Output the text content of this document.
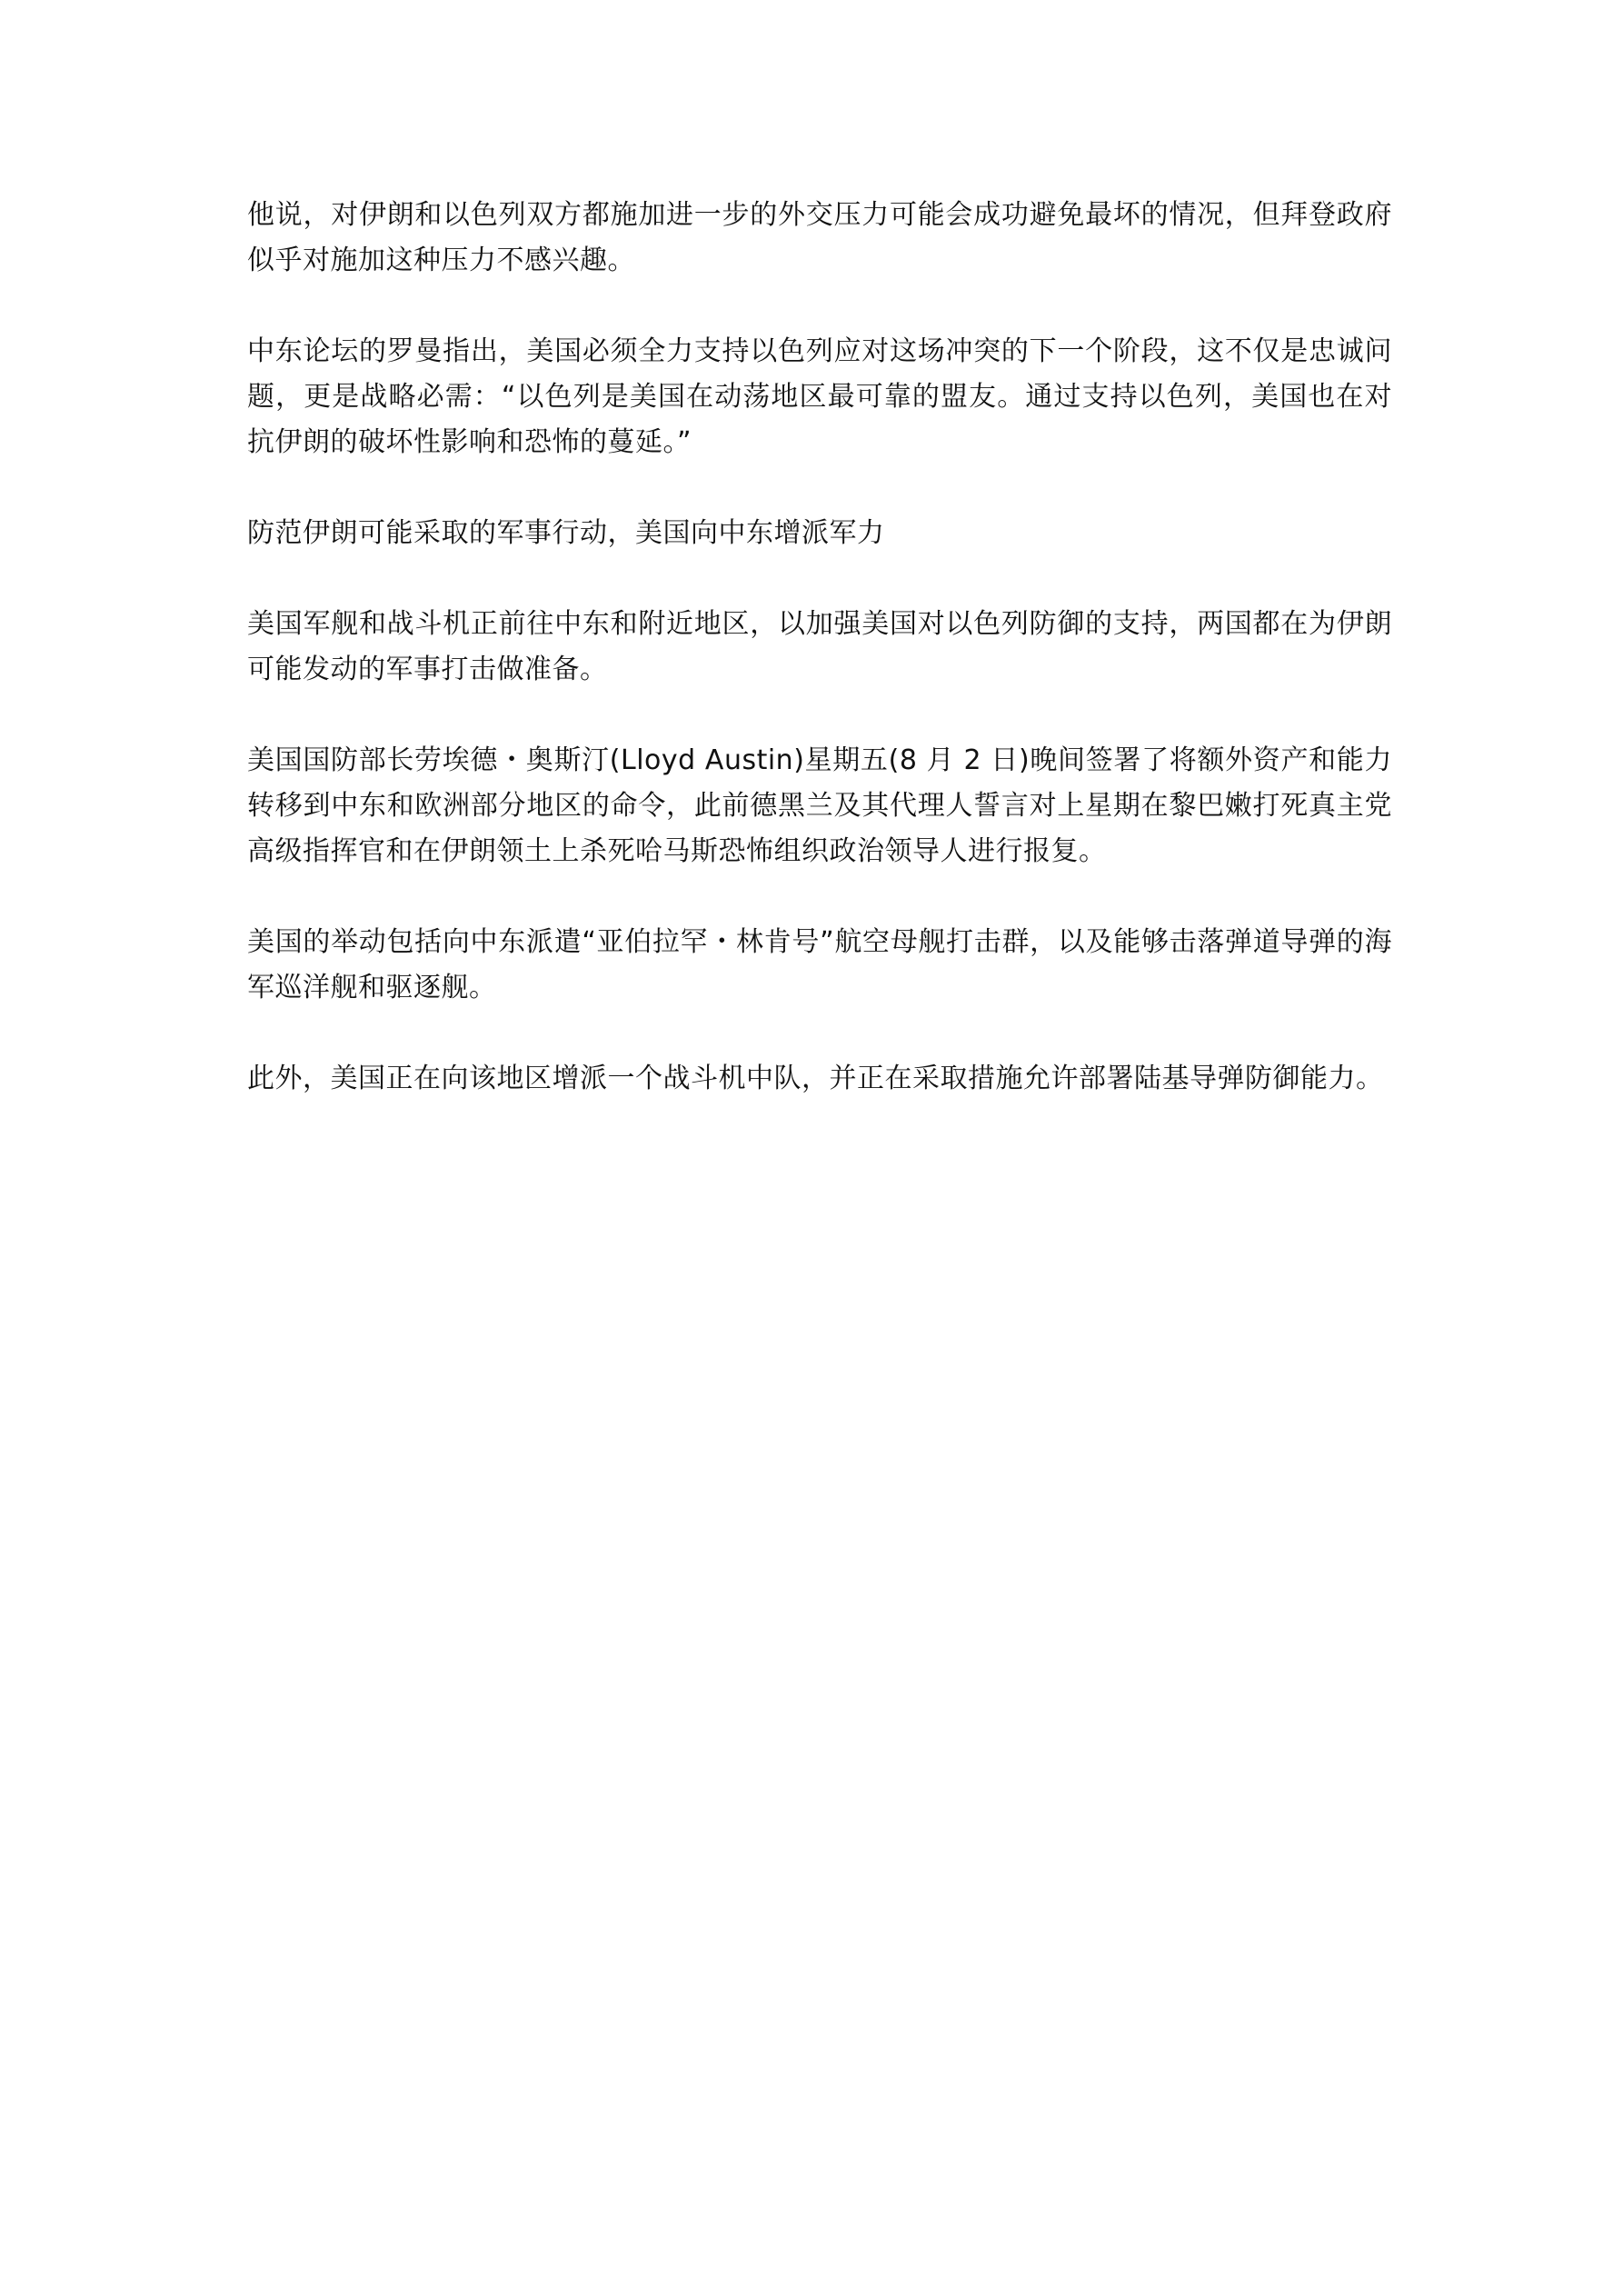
他说，对伊朗和以色列双方都施加进一步的外交压力可能会成功避免最坏的情况，但拜登政府似乎对施加这种压力不感兴趣。

中东论坛的罗曼指出，美国必须全力支持以色列应对这场冲突的下一个阶段，这不仅是忠诚问题，更是战略必需：“以色列是美国在动荡地区最可靠的盟友。通过支持以色列，美国也在对抗伊朗的破坏性影响和恐怖的蔓延。”

防范伊朗可能采取的军事行动，美国向中东增派军力

美国军舰和战斗机正前往中东和附近地区，以加强美国对以色列防御的支持，两国都在为伊朗可能发动的军事打击做准备。

美国国防部长劳埃德・奥斯汀(Lloyd Austin)星期五(8 月 2 日)晚间签署了将额外资产和能力转移到中东和欧洲部分地区的命令，此前德黑兰及其代理人誓言对上星期在黎巴嫩打死真主党高级指挥官和在伊朗领土上杀死哈马斯恐怖组织政治领导人进行报复。

美国的举动包括向中东派遣“亚伯拉罕・林肯号”航空母舰打击群，以及能够击落弹道导弹的海军巡洋舰和驱逐舰。

此外，美国正在向该地区增派一个战斗机中队，并正在采取措施允许部署陆基导弹防御能力。
